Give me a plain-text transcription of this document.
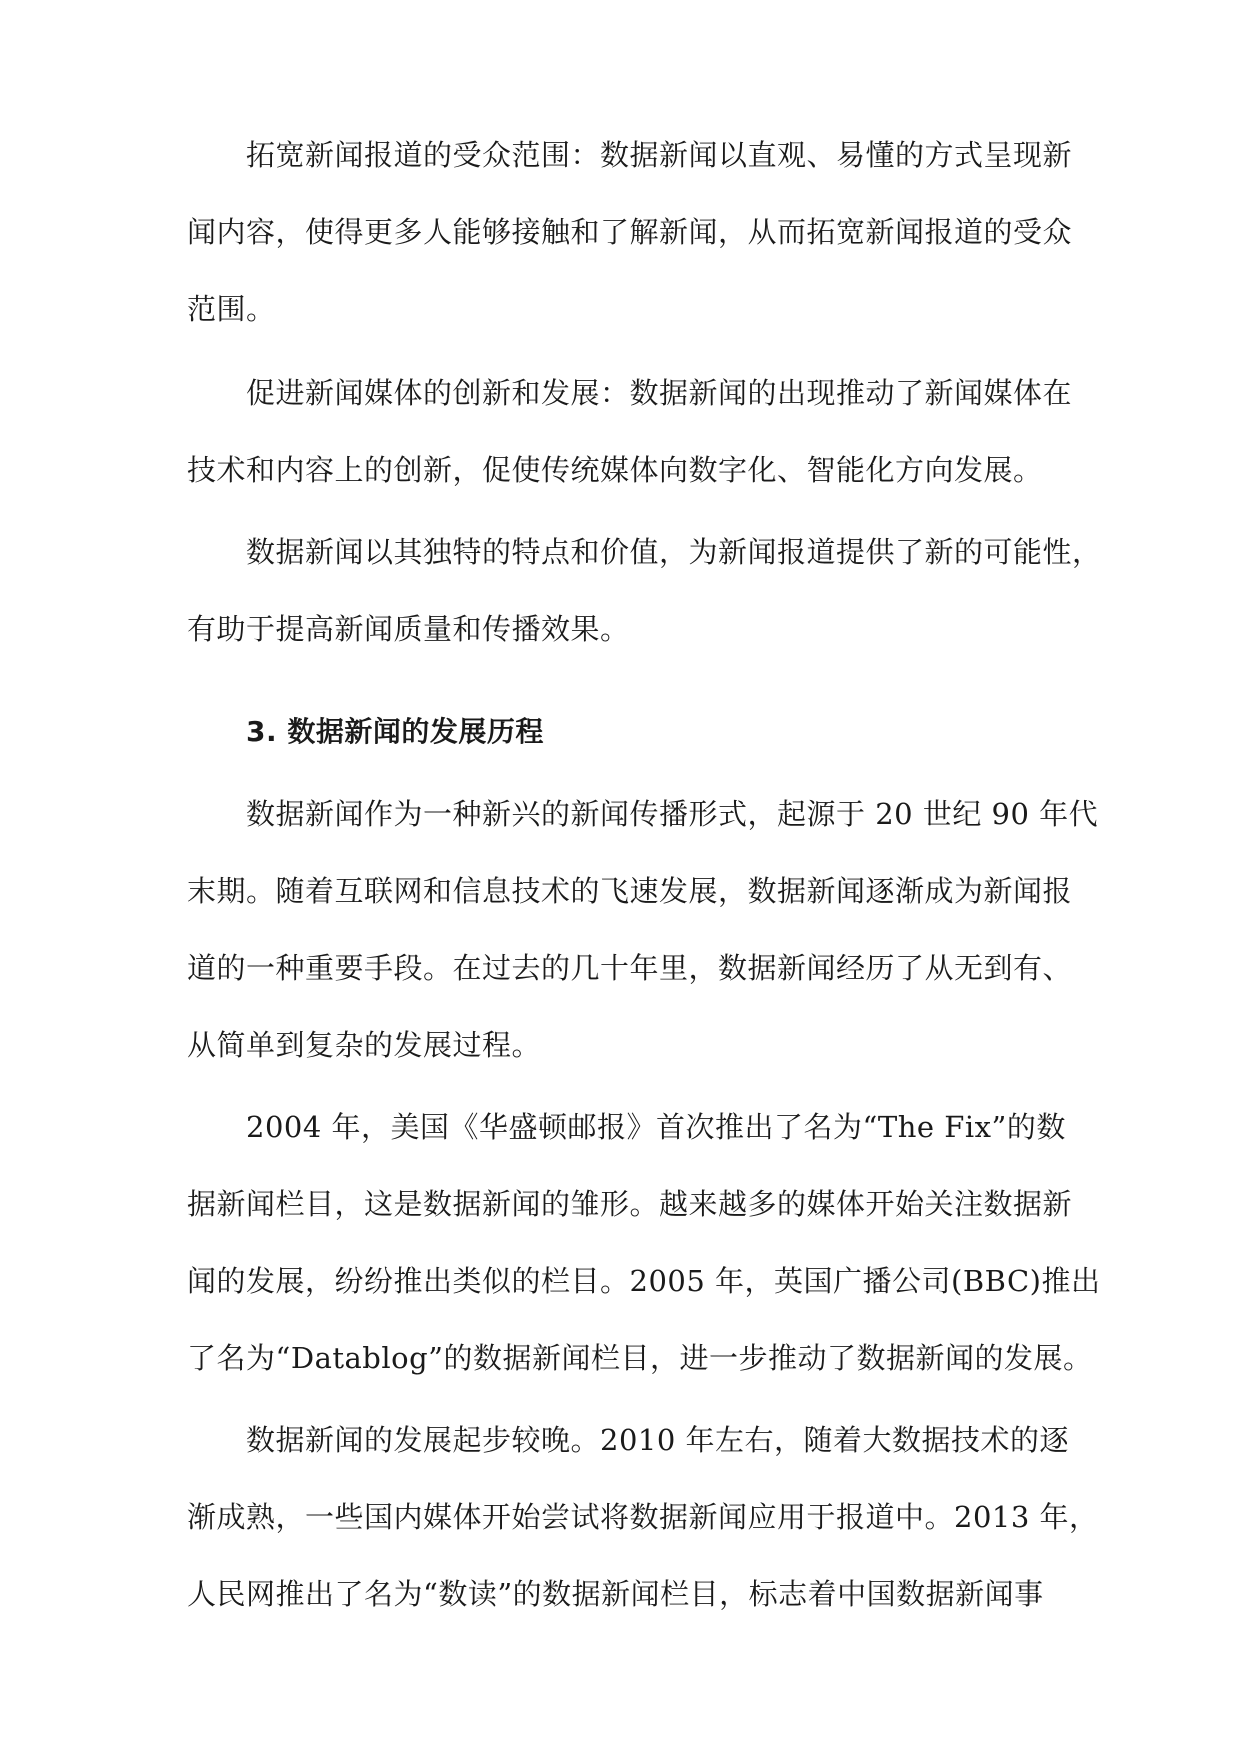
拓宽新闻报道的受众范围：数据新闻以直观、易懂的方式呈现新
闻内容，使得更多人能够接触和了解新闻，从而拓宽新闻报道的受众
范围。
促进新闻媒体的创新和发展：数据新闻的出现推动了新闻媒体在
技术和内容上的创新，促使传统媒体向数字化、智能化方向发展。
数据新闻以其独特的特点和价值，为新闻报道提供了新的可能性，
有助于提高新闻质量和传播效果。
3. 数据新闻的发展历程
数据新闻作为一种新兴的新闻传播形式，起源于 20 世纪 90 年代
末期。随着互联网和信息技术的飞速发展，数据新闻逐渐成为新闻报
道的一种重要手段。在过去的几十年里，数据新闻经历了从无到有、
从简单到复杂的发展过程。
2004 年，美国《华盛顿邮报》首次推出了名为“The Fix”的数
据新闻栏目，这是数据新闻的雏形。越来越多的媒体开始关注数据新
闻的发展，纷纷推出类似的栏目。2005 年，英国广播公司(BBC)推出
了名为“Datablog”的数据新闻栏目，进一步推动了数据新闻的发展。
数据新闻的发展起步较晚。2010 年左右，随着大数据技术的逐
渐成熟，一些国内媒体开始尝试将数据新闻应用于报道中。2013 年，
人民网推出了名为“数读”的数据新闻栏目，标志着中国数据新闻事
